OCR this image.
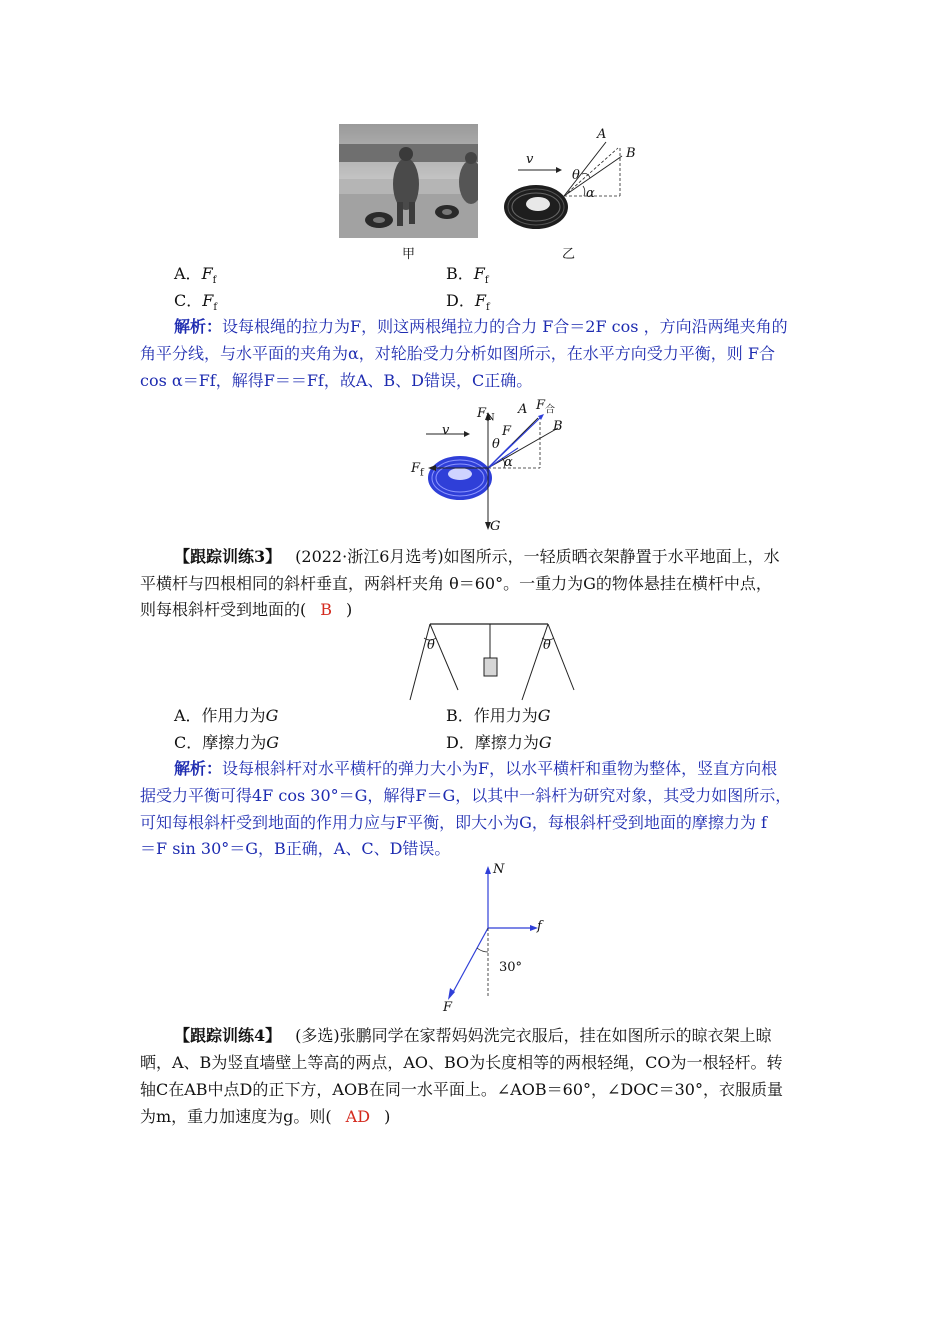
甲
v
A
B
θ
α
乙
A．$F_f$	B．$F_f$
C．$F_f$	D．$F_f$
解析：设每根绳的拉力为F，则这两根绳拉力的合力 F合＝2F cos ，方向沿两绳夹角的
角平分线，与水平面的夹角为α，对轮胎受力分析如图所示，在水平方向受力平衡，则 F合
cos α＝Ff，解得F＝＝Ff，故A、B、D错误，C正确。
$F_N$
v
A $F_合$
B
F
θ
α
$F_f$
G
【跟踪训练3】 (2022·浙江6月选考)如图所示，一轻质晒衣架静置于水平地面上，水
平横杆与四根相同的斜杆垂直，两斜杆夹角 θ＝60°。一重力为G的物体悬挂在横杆中点，
则每根斜杆受到地面的( B )
θ	θ
A．作用力为G	B．作用力为G
C．摩擦力为G	D．摩擦力为G
解析：设每根斜杆对水平横杆的弹力大小为F，以水平横杆和重物为整体，竖直方向根
据受力平衡可得4F cos 30°＝G，解得F＝G，以其中一斜杆为研究对象，其受力如图所示，
可知每根斜杆受到地面的作用力应与F平衡，即大小为G，每根斜杆受到地面的摩擦力为 f
＝F sin 30°＝G，B正确，A、C、D错误。
N
f
30°
F
【跟踪训练4】 (多选)张鹏同学在家帮妈妈洗完衣服后，挂在如图所示的晾衣架上晾
晒，A、B为竖直墙壁上等高的两点，AO、BO为长度相等的两根轻绳，CO为一根轻杆。转
轴C在AB中点D的正下方，AOB在同一水平面上。∠AOB＝60°，∠DOC＝30°，衣服质量
为m，重力加速度为g。则( AD )
